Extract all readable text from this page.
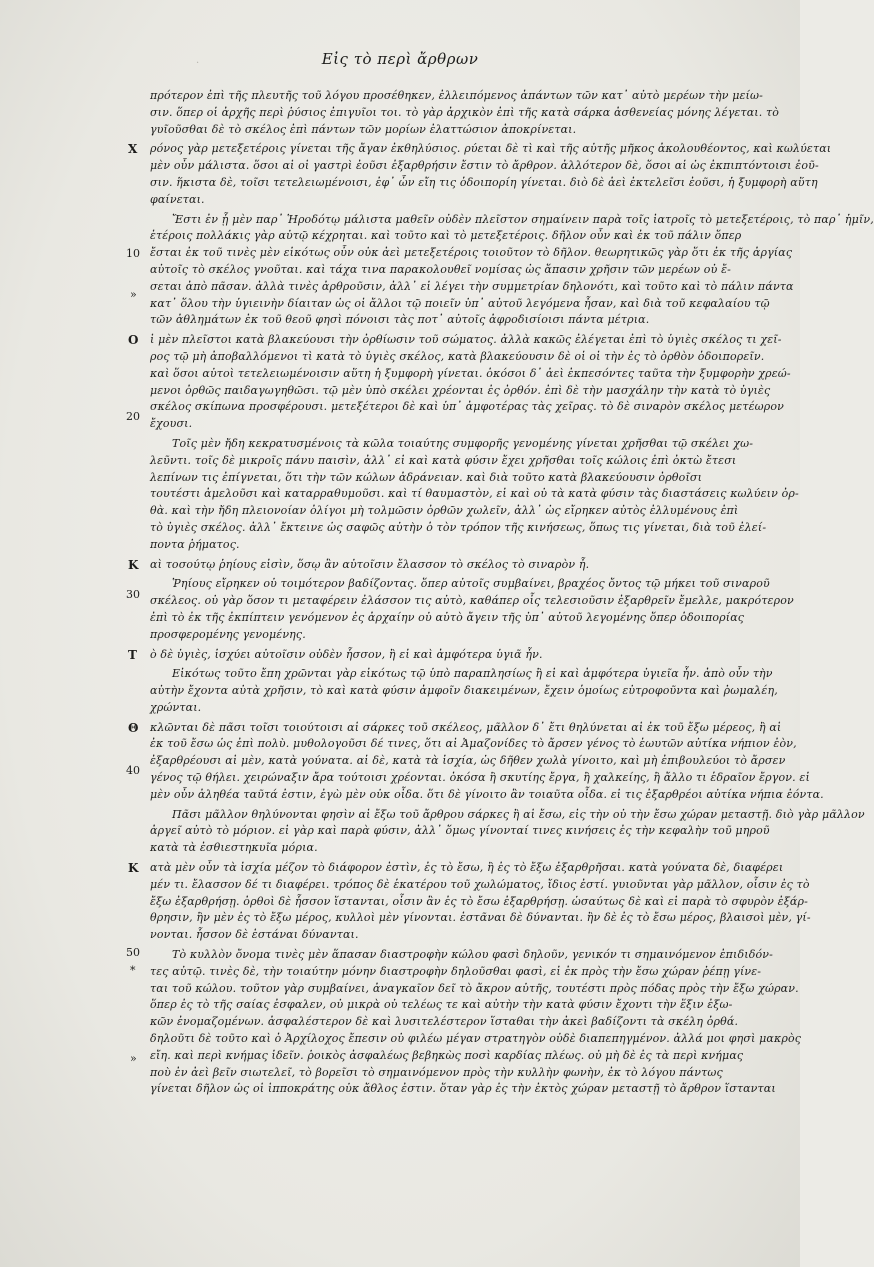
·	Εἰς τὸ περὶ ἄρθρων
10
20
30
40
50
»
*
»
πρότερον ἐπὶ τῆς πλευτῆς τοῦ λόγου προσέθηκεν, ἐλλειπόμενος ἁπάντων τῶν κατ᾽ αὐτὸ μερέων τὴν μείω-
σιν. ὅπερ οἱ ἀρχῆς περὶ ῥύσιος ἐπιγυῖοι τοι. τὸ γὰρ ἀρχικὸν ἐπὶ τῆς κατὰ σάρκα ἀσθενείας μόνης λέγεται. τὸ
γυῖοῦσθαι δὲ τὸ σκέλος ἐπὶ πάντων τῶν μορίων ἐλαττώσιον ἀποκρίνεται.
Χ ρόνος γὰρ μετεξετέροις γίνεται τῆς ἄγαν ἐκθηλύσιος. ρύεται δὲ τὶ καὶ τῆς αὐτῆς μῆκος ἀκολουθέοντος, καὶ κωλύεται
μὲν οὖν μάλιστα. ὅσοι αἱ οἱ γαστρὶ ἐοῦσι ἐξαρθρήσιν ἔστιν τὸ ἄρθρον. ἀλλότερον δὲ, ὅσοι αἱ ὡς ἐκπιπτόντοισι ἐοῦ-
σιν. ἥκιστα δὲ, τοῖσι τετελειωμένοισι, ἐφ᾽ ὧν εἴη τις ὁδοιπορίη γίνεται. διὸ δὲ ἀεὶ ἐκτελεῖσι ἐοῦσι, ἡ ξυμφορὴ αὕτη
φαίνεται.
Ἔστι ἐν ᾗ μὲν παρ᾽ Ἡροδότῳ μάλιστα μαθεῖν οὐδὲν πλεῖστον σημαίνειν παρὰ τοῖς ἰατροῖς τὸ μετεξετέροις, τὸ παρ᾽ ἡμῖν,
ἑτέροις πολλάκις γὰρ αὐτῷ κέχρηται. καὶ τοῦτο καὶ τὸ μετεξετέροις. δῆλον οὖν καὶ ἐκ τοῦ πάλιν ὅπερ
ἔσται ἐκ τοῦ τινὲς μὲν εἰκότως οὖν οὐκ ἀεὶ μετεξετέροις τοιοῦτον τὸ δῆλον. θεωρητικῶς γὰρ ὅτι ἐκ τῆς ἀργίας
αὐτοῖς τὸ σκέλος γνοῦται. καὶ τάχα τινα παρακολουθεῖ νομίσας ὡς ἅπασιν χρῆσιν τῶν μερέων οὐ ἔ-
σεται ἀπὸ πᾶσαν. ἀλλὰ τινὲς ἀρθροῦσιν, ἀλλ᾽ εἰ λέγει τὴν συμμετρίαν δηλονότι, καὶ τοῦτο καὶ τὸ πάλιν πάντα
κατ᾽ ὅλου τὴν ὑγιεινὴν δίαιταν ὡς οἱ ἄλλοι τῷ ποιεῖν ὑπ᾽ αὐτοῦ λεγόμενα ἦσαν, καὶ διὰ τοῦ κεφαλαίου τῷ
τῶν ἀθλημάτων ἐκ τοῦ θεοῦ φησὶ πόνοισι τὰς ποτ᾽ αὐτοῖς ἀφροδισίοισι πάντα μέτρια.
Ο ἱ μὲν πλεῖστοι κατὰ βλακεύουσι τὴν ὀρθίωσιν τοῦ σώματος. ἀλλὰ κακῶς ἐλέγεται ἐπὶ τὸ ὑγιὲς σκέλος τι χεῖ-
ρος τῷ μὴ ἀποβαλλόμενοι τὶ κατὰ τὸ ὑγιὲς σκέλος, κατὰ βλακεύουσιν δὲ οἱ οἱ τὴν ἐς τὸ ὀρθὸν ὁδοιπορεῖν.
καὶ ὅσοι αὐτοὶ τετελειωμένοισιν αὕτη ἡ ξυμφορὴ γίνεται. ὁκόσοι δ᾽ ἀεὶ ἐκπεσόντες ταῦτα τὴν ξυμφορὴν χρεώ-
μενοι ὀρθῶς παιδαγωγηθῶσι. τῷ μὲν ὑπὸ σκέλει χρέονται ἐς ὀρθόν. ἐπὶ δὲ τὴν μασχάλην τὴν κατὰ τὸ ὑγιὲς
σκέλος σκίπωνα προσφέρουσι. μετεξέτεροι δὲ καὶ ὑπ᾽ ἀμφοτέρας τὰς χεῖρας. τὸ δὲ σιναρὸν σκέλος μετέωρον
ἔχουσι.
Τοῖς μὲν ἤδη κεκρατυσμένοις τὰ κῶλα τοιαύτης συμφορῆς γενομένης γίνεται χρῆσθαι τῷ σκέλει χω-
λεῦντι. τοῖς δὲ μικροῖς πάνυ παισὶν, ἀλλ᾽ εἰ καὶ κατὰ φύσιν ἔχει χρῆσθαι τοῖς κώλοις ἐπὶ ὀκτὼ ἔτεσι
λεπίνων τις ἐπίγνεται, ὅτι τὴν τῶν κώλων ἀδράνειαν. καὶ διὰ τοῦτο κατὰ βλακεύουσιν ὀρθοῖσι
τουτέστι ἀμελοῦσι καὶ καταρραθυμοῦσι. καὶ τί θαυμαστὸν, εἰ καὶ οὐ τὰ κατὰ φύσιν τὰς διαστάσεις κωλύειν ὀρ-
θὰ. καὶ τὴν ἤδη πλειονοίαν ὀλίγοι μὴ τολμῶσιν ὀρθῶν χωλεῖν, ἀλλ᾽ ὡς εἴρηκεν αὐτὸς ἐλλυμένους ἐπὶ
τὸ ὑγιὲς σκέλος. ἀλλ᾽ ἔκτεινε ὡς σαφῶς αὐτὴν ὁ τὸν τρόπον τῆς κινήσεως, ὅπως τις γίνεται, διὰ τοῦ ἐλεί-
ποντα ῥήματος.
Κ αὶ τοσούτῳ ῥηίους εἰσὶν, ὅσῳ ἂν αὐτοῖσιν ἔλασσον τὸ σκέλος τὸ σιναρὸν ἦ.
Ῥηίους εἴρηκεν οὐ τοιμότερον βαδίζοντας. ὅπερ αὐτοῖς συμβαίνει, βραχέος ὄντος τῷ μήκει τοῦ σιναροῦ
σκέλεος. οὐ γὰρ ὅσον τι μεταφέρειν ἐλάσσον τις αὐτὸ, καθάπερ οἷς τελεσιοῦσιν ἐξαρθρεῖν ἔμελλε, μακρότερον
ἐπὶ τὸ ἐκ τῆς ἐκπίπτειν γενόμενον ἐς ἀρχαίην οὐ αὐτὸ ἄγειν τῆς ὑπ᾽ αὐτοῦ λεγομένης ὅπερ ὁδοιπορίας
προσφερομένης γενομένης.
Τ ὸ δὲ ὑγιὲς, ἰσχύει αὐτοῖσιν οὐδὲν ἧσσον, ἢ εἰ καὶ ἀμφότερα ὑγιᾶ ἦν.
Εἰκότως τοῦτο ἔπη χρῶνται γὰρ εἰκότως τῷ ὑπὸ παραπλησίως ἢ εἰ καὶ ἀμφότερα ὑγιεῖα ἦν. ἀπὸ οὖν τὴν
αὐτὴν ἔχοντα αὐτὰ χρῆσιν, τὸ καὶ κατὰ φύσιν ἀμφοῖν διακειμένων, ἔχειν ὁμοίως εὐτροφοῦντα καὶ ῥωμαλέη,
χρώνται.
Θ κλῶνται δὲ πᾶσι τοῖσι τοιούτοισι αἱ σάρκες τοῦ σκέλεος, μᾶλλον δ᾽ ἔτι θηλύνεται αἱ ἐκ τοῦ ἔξω μέρεος, ἢ αἱ
ἐκ τοῦ ἔσω ὡς ἐπὶ πολὺ. μυθολογοῦσι δέ τινες, ὅτι αἱ Ἀμαζονίδες τὸ ἄρσεν γένος τὸ ἑωυτῶν αὐτίκα νήπιον ἐὸν,
ἐξαρθρέουσι αἱ μὲν, κατὰ γούνατα. αἱ δὲ, κατὰ τὰ ἰσχία, ὡς δῆθεν χωλὰ γίνοιτο, καὶ μὴ ἐπιβουλεύοι τὸ ἄρσεν
γένος τῷ θήλει. χειρώναξιν ἄρα τούτοισι χρέονται. ὁκόσα ἢ σκυτίης ἔργα, ἢ χαλκείης, ἢ ἄλλο τι ἑδραῖον ἔργον. εἰ
μὲν οὖν ἀληθέα ταῦτά ἐστιν, ἐγὼ μὲν οὐκ οἶδα. ὅτι δὲ γίνοιτο ἂν τοιαῦτα οἶδα. εἰ τις ἐξαρθρέοι αὐτίκα νήπια ἐόντα.
Πᾶσι μᾶλλον θηλύνονται φησὶν αἱ ἔξω τοῦ ἄρθρου σάρκες ἢ αἱ ἔσω, εἰς τὴν οὐ τὴν ἔσω χώραν μεταστῇ. διὸ γὰρ μᾶλλον
ἀργεῖ αὐτὸ τὸ μόριον. εἰ γὰρ καὶ παρὰ φύσιν, ἀλλ᾽ ὅμως γίνονταί τινες κινήσεις ἐς τὴν κεφαλὴν τοῦ μηροῦ
κατὰ τὰ ἐσθιεστηκυῖα μόρια.
Κ ατὰ μὲν οὖν τὰ ἰσχία μέζον τὸ διάφορον ἐστὶν, ἐς τὸ ἔσω, ἢ ἐς τὸ ἔξω ἐξαρθρῆσαι. κατὰ γούνατα δὲ, διαφέρει
μέν τι. ἔλασσον δέ τι διαφέρει. τρόπος δὲ ἑκατέρου τοῦ χωλώματος, ἴδιος ἐστί. γυιοῦνται γὰρ μᾶλλον, οἷσιν ἐς τὸ
ἔξω ἐξαρθρήσῃ. ὀρθοὶ δὲ ἧσσον ἵστανται, οἷσιν ἂν ἐς τὸ ἔσω ἐξαρθρήσῃ. ὡσαύτως δὲ καὶ εἰ παρὰ τὸ σφυρὸν ἐξάρ-
θρησιν, ἢν μὲν ἐς τὸ ἔξω μέρος, κυλλοὶ μὲν γίνονται. ἑστᾶναι δὲ δύνανται. ἢν δὲ ἐς τὸ ἔσω μέρος, βλαισοὶ μὲν, γί-
νονται. ἧσσον δὲ ἑστάναι δύνανται.
Τὸ κυλλὸν ὄνομα τινὲς μὲν ἅπασαν διαστροφὴν κώλου φασὶ δηλοῦν, γενικόν τι σημαινόμενον ἐπιδιδόν-
τες αὐτῷ. τινὲς δὲ, τὴν τοιαύτην μόνην διαστροφὴν δηλοῦσθαι φασὶ, εἰ ἐκ πρὸς τὴν ἔσω χώραν ῥέπῃ γίνε-
ται τοῦ κώλου. τοῦτον γὰρ συμβαίνει, ἀναγκαῖον δεῖ τὸ ἄκρον αὐτῆς, τουτέστι πρὸς πόδας πρὸς τὴν ἔξω χώραν.
ὅπερ ἐς τὸ τῆς σαίας ἐσφαλεν, οὐ μικρὰ οὐ τελέως τε καὶ αὐτὴν τὴν κατὰ φύσιν ἔχοντι τὴν ἕξιν ἐξω-
κῶν ἐνομαζομένων. ἀσφαλέστερον δὲ καὶ λυσιτελέστερον ἵσταθαι τὴν ἀκεὶ βαδίζοντι τὰ σκέλη ὀρθά.
δηλοῦτι δὲ τοῦτο καὶ ὁ Ἀρχίλοχος ἔπεσιν οὐ φιλέω μέγαν στρατηγὸν οὐδὲ διαπεπηγμένον. ἀλλά μοι φησὶ μακρὸς
εἴη. καὶ περὶ κνήμας ἰδεῖν. ῥοικὸς ἀσφαλέως βεβηκὼς ποσὶ καρδίας πλέως. οὐ μὴ δὲ ἐς τὰ περὶ κνήμας
ποὺ ἐν ἀεὶ βεῖν σιωτελεῖ, τὸ βορεῖσι τὸ σημαινόμενον πρὸς τὴν κυλλὴν φωνὴν, ἐκ τὸ λόγου πάντως
γίνεται δῆλον ὡς οἱ ἱπποκράτης οὐκ ἄθλος ἐστιν. ὅταν γὰρ ἐς τὴν ἐκτὸς χώραν μεταστῇ τὸ ἄρθρον ἵστανται
